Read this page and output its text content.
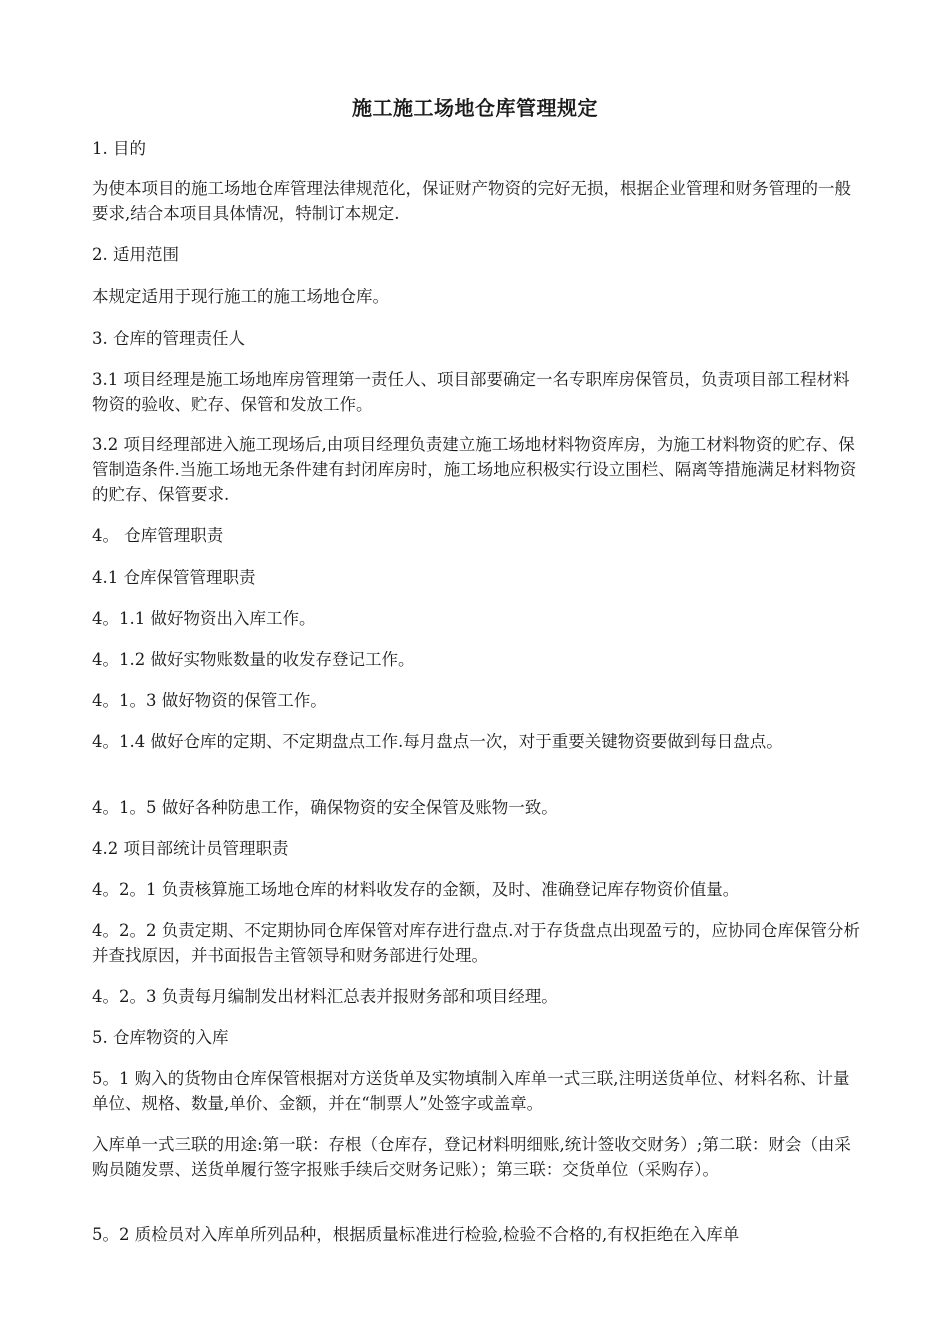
施工施工场地仓库管理规定

1. 目的

为使本项目的施工场地仓库管理法律规范化，保证财产物资的完好无损，根据企业管理和财务管理的一般要求,结合本项目具体情况，特制订本规定.

2. 适用范围

本规定适用于现行施工的施工场地仓库。

3. 仓库的管理责任人

3.1 项目经理是施工场地库房管理第一责任人、项目部要确定一名专职库房保管员，负责项目部工程材料物资的验收、贮存、保管和发放工作。

3.2 项目经理部进入施工现场后,由项目经理负责建立施工场地材料物资库房，为施工材料物资的贮存、保管制造条件.当施工场地无条件建有封闭库房时，施工场地应积极实行设立围栏、隔离等措施满足材料物资的贮存、保管要求.

4。 仓库管理职责

4.1 仓库保管管理职责

4。1.1 做好物资出入库工作。

4。1.2 做好实物账数量的收发存登记工作。

4。1。3 做好物资的保管工作。

4。1.4 做好仓库的定期、不定期盘点工作.每月盘点一次，对于重要关键物资要做到每日盘点。

4。1。5 做好各种防患工作，确保物资的安全保管及账物一致。

4.2 项目部统计员管理职责

4。2。1 负责核算施工场地仓库的材料收发存的金额，及时、准确登记库存物资价值量。

4。2。2 负责定期、不定期协同仓库保管对库存进行盘点.对于存货盘点出现盈亏的，应协同仓库保管分析并查找原因，并书面报告主管领导和财务部进行处理。

4。2。3 负责每月编制发出材料汇总表并报财务部和项目经理。

5. 仓库物资的入库

5。1 购入的货物由仓库保管根据对方送货单及实物填制入库单一式三联,注明送货单位、材料名称、计量单位、规格、数量,单价、金额，并在“制票人”处签字或盖章。

入库单一式三联的用途:第一联：存根（仓库存，登记材料明细账,统计签收交财务）;第二联：财会（由采购员随发票、送货单履行签字报账手续后交财务记账）；第三联：交货单位（采购存）。

5。2 质检员对入库单所列品种，根据质量标准进行检验,检验不合格的,有权拒绝在入库单
